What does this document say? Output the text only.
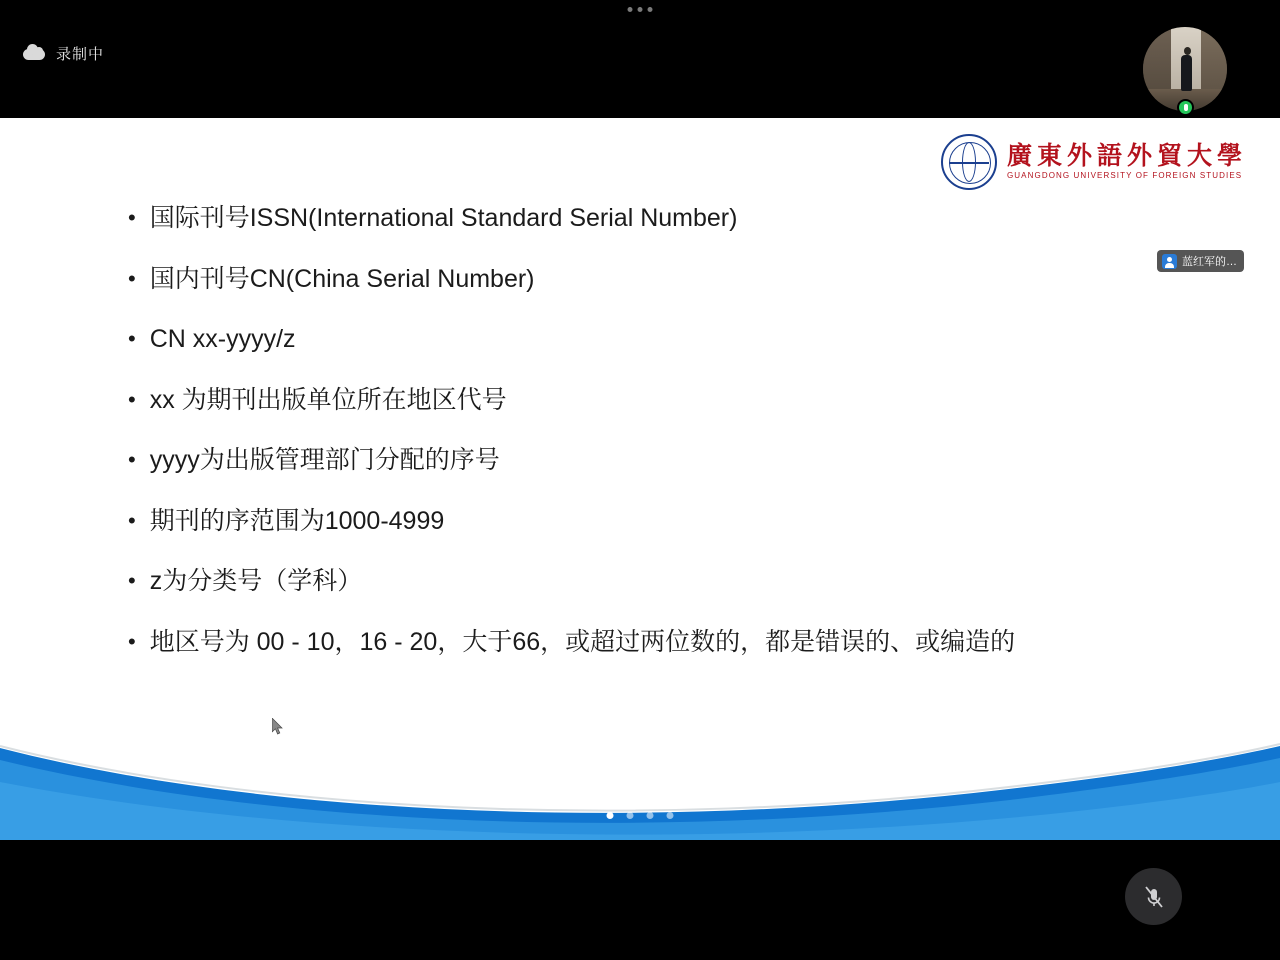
录制中
廣東外語外貿大學
GUANGDONG UNIVERSITY OF FOREIGN STUDIES
蓝红军的…
• 国际刊号ISSN(International Standard Serial Number)
• 国内刊号CN(China Serial Number)
• CN xx-yyyy/z
• xx 为期刊出版单位所在地区代号
• yyyy为出版管理部门分配的序号
• 期刊的序范围为1000-4999
• z为分类号（学科）
• 地区号为 00 - 10，16 - 20，大于66，或超过两位数的，都是错误的、或编造的
